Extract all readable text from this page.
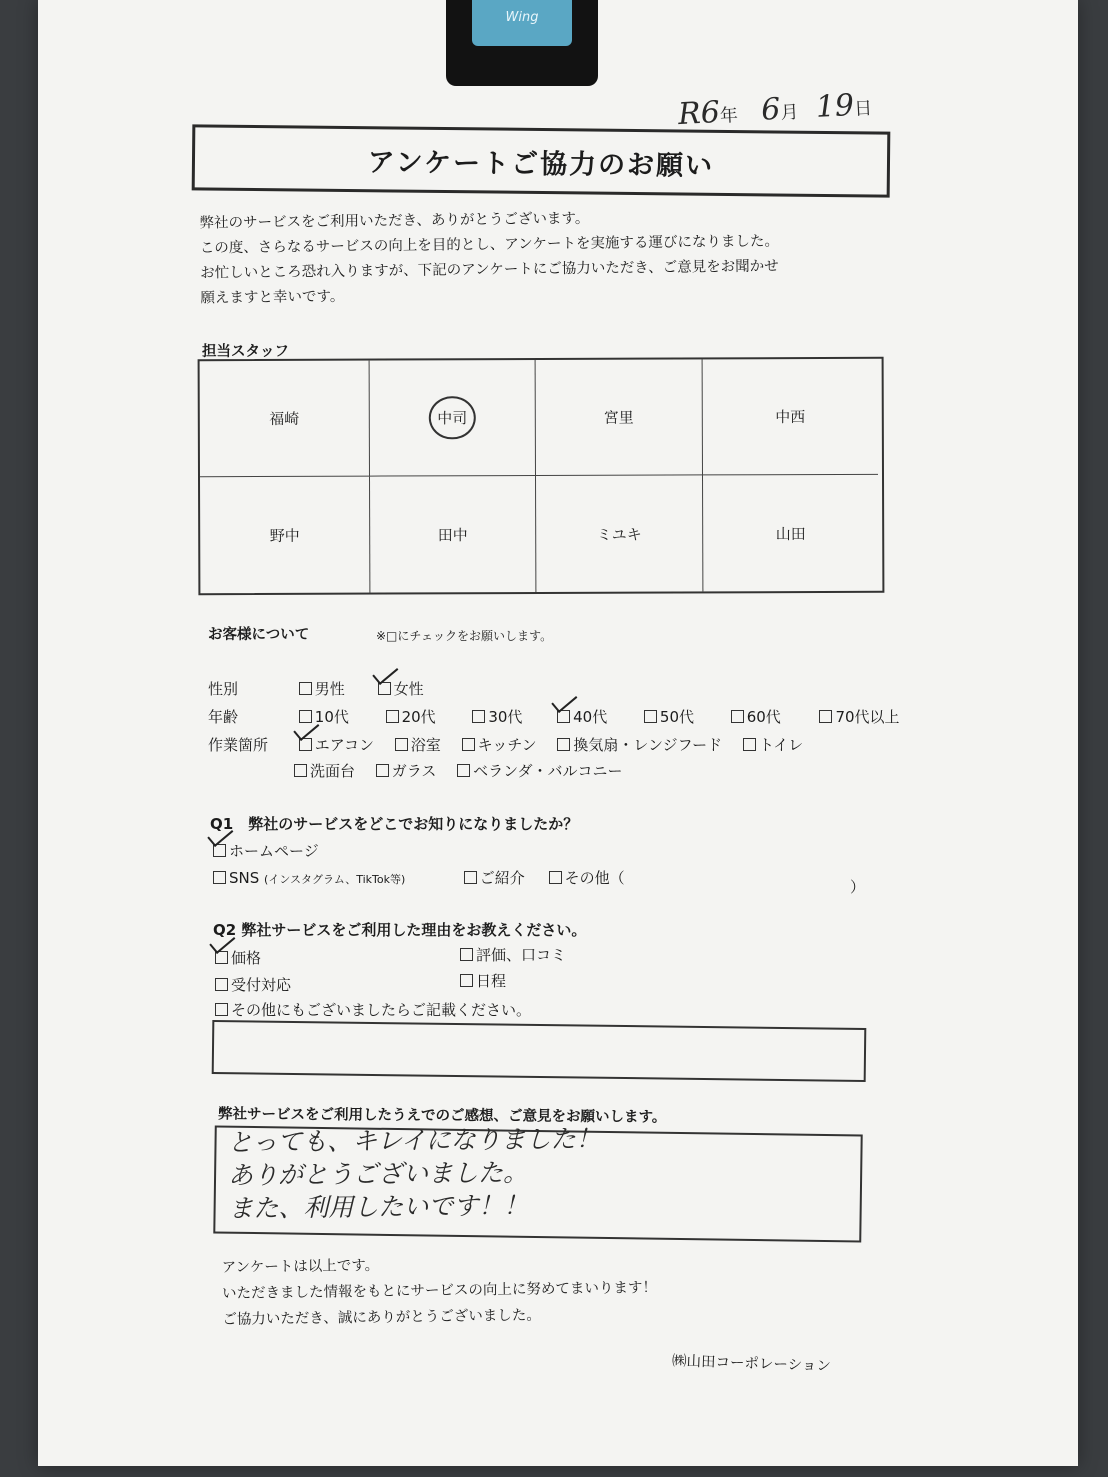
Wing
R6年 6月 19日
アンケートご協力のお願い

弊社のサービスをご利用いただき、ありがとうございます。

この度、さらなるサービスの向上を目的とし、アンケートを実施する運びになりました。

お忙しいところ恐れ入りますが、下記のアンケートにご協力いただき、ご意見をお聞かせ

願えますと幸いです。

担当スタッフ
福崎	中司	宮里	中西
野中	田中	ミユキ	山田
お客様について	※□にチェックをお願いします。
性別	男性	女性
年齢	10代	20代	30代	40代	50代	60代	70代以上
作業箇所	エアコン 浴室 キッチン 換気扇・レンジフード トイレ
洗面台 ガラス ベランダ・バルコニー
Q1　弊社のサービスをどこでお知りになりましたか？
ホームページ
SNS (インスタグラム、TikTok等)	ご紹介	その他（	）
Q2 弊社サービスをご利用した理由をお教えください。
価格	評価、口コミ
受付対応	日程
その他にもございましたらご記載ください。
弊社サービスをご利用したうえでのご感想、ご意見をお願いします。
とっても、キレイになりました！
ありがとうございました。
また、利用したいです！！

アンケートは以上です。

いただきました情報をもとにサービスの向上に努めてまいります！

ご協力いただき、誠にありがとうございました。

㈱山田コーポレーション
